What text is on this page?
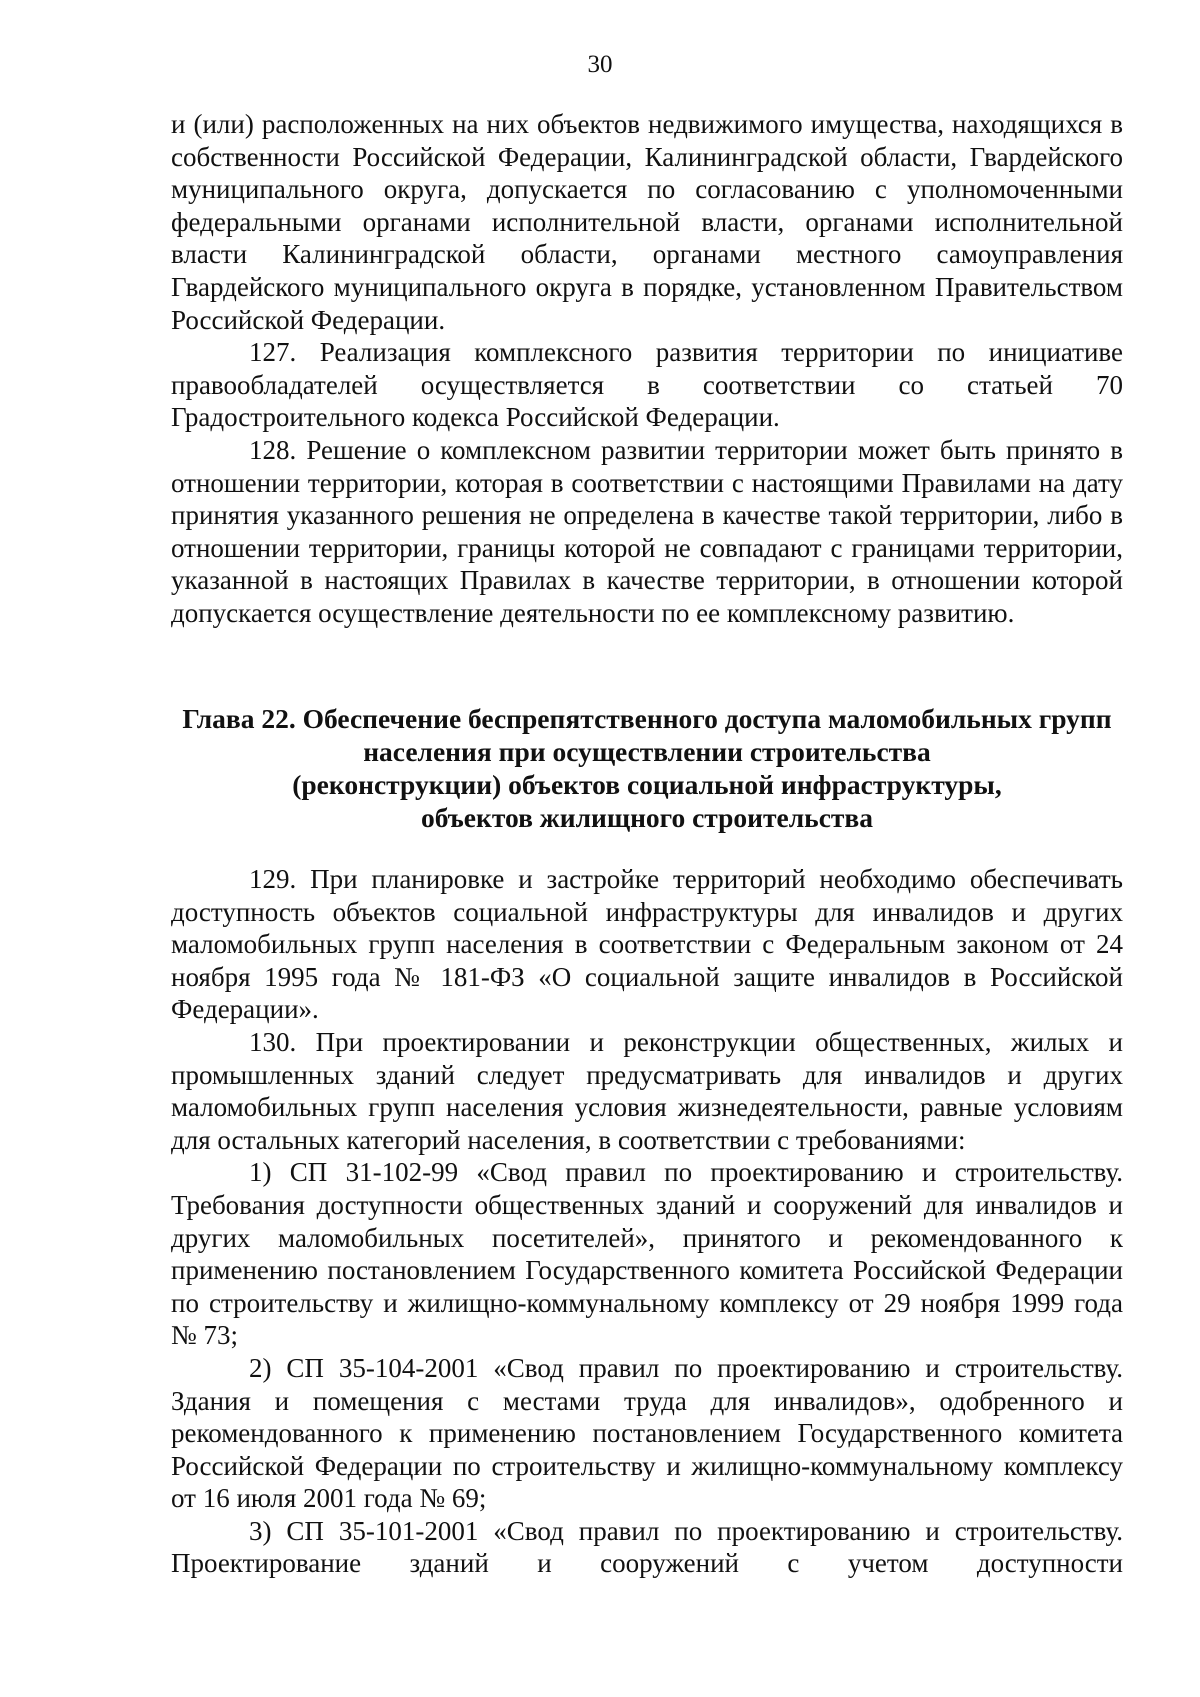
30

и (или) расположенных на них объектов недвижимого имущества, находящихся в собственности Российской Федерации, Калининградской области, Гвардейского муниципального округа, допускается по согласованию с уполномоченными федеральными органами исполнительной власти, органами исполнительной власти Калининградской области, органами местного самоуправления Гвардейского муниципального округа в порядке, установленном Правительством Российской Федерации.

127. Реализация комплексного развития территории по инициативе правообладателей осуществляется в соответствии со статьей 70 Градостроительного кодекса Российской Федерации.

128. Решение о комплексном развитии территории может быть принято в отношении территории, которая в соответствии с настоящими Правилами на дату принятия указанного решения не определена в качестве такой территории, либо в отношении территории, границы которой не совпадают с границами территории, указанной в настоящих Правилах в качестве территории, в отношении которой допускается осуществление деятельности по ее комплексному развитию.

Глава 22. Обеспечение беспрепятственного доступа маломобильных групп
населения при осуществлении строительства
(реконструкции) объектов социальной инфраструктуры,
объектов жилищного строительства

129. При планировке и застройке территорий необходимо обеспечивать доступность объектов социальной инфраструктуры для инвалидов и других маломобильных групп населения в соответствии с Федеральным законом от 24 ноября 1995 года № 181-ФЗ «О социальной защите инвалидов в Российской Федерации».

130. При проектировании и реконструкции общественных, жилых и промышленных зданий следует предусматривать для инвалидов и других маломобильных групп населения условия жизнедеятельности, равные условиям для остальных категорий населения, в соответствии с требованиями:

1) СП 31-102-99 «Свод правил по проектированию и строительству. Требования доступности общественных зданий и сооружений для инвалидов и других маломобильных посетителей», принятого и рекомендованного к применению постановлением Государственного комитета Российской Федерации по строительству и жилищно-коммунальному комплексу от 29 ноября 1999 года № 73;

2) СП 35-104-2001 «Свод правил по проектированию и строительству. Здания и помещения с местами труда для инвалидов», одобренного и рекомендованного к применению постановлением Государственного комитета Российской Федерации по строительству и жилищно-коммунальному комплексу от 16 июля 2001 года № 69;

3) СП 35-101-2001 «Свод правил по проектированию и строительству. Проектирование зданий и сооружений с учетом доступности
